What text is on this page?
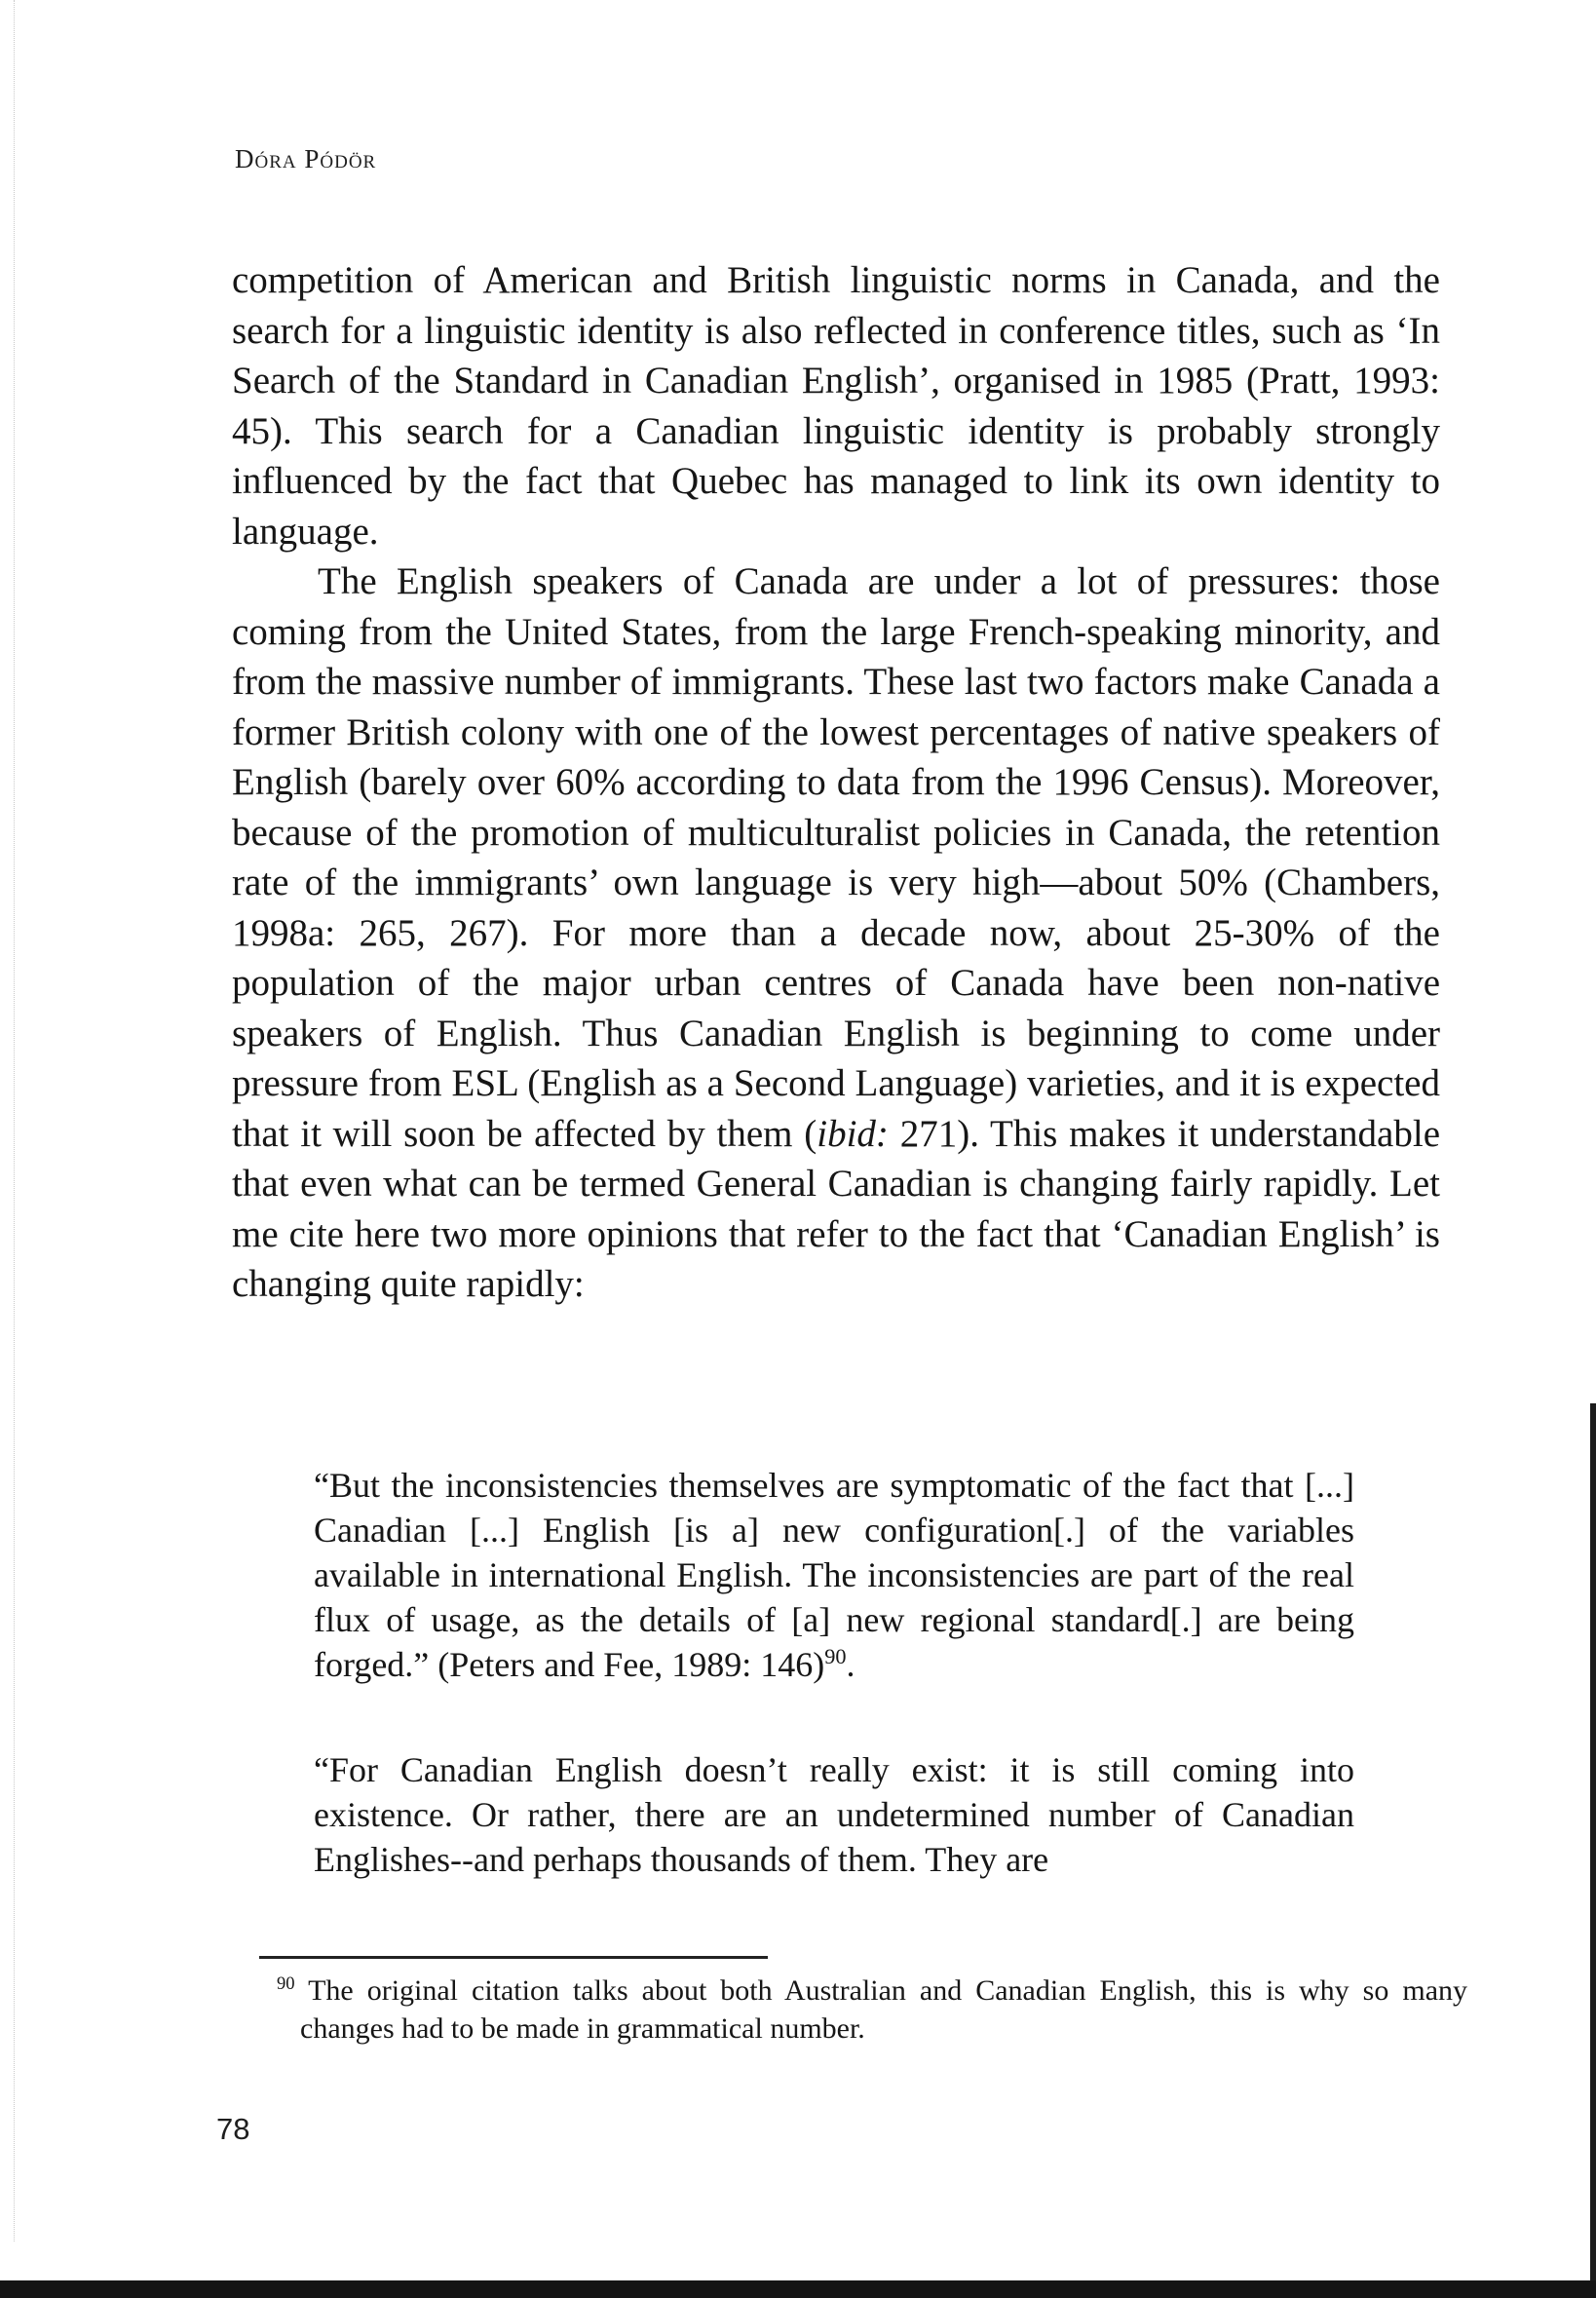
Dóra Pódör

competition of American and British linguistic norms in Canada, and the search for a linguistic identity is also reflected in conference titles, such as ‘In Search of the Standard in Canadian English’, organised in 1985 (Pratt, 1993: 45). This search for a Canadian linguistic identity is probably strongly influenced by the fact that Quebec has managed to link its own identity to language.

The English speakers of Canada are under a lot of pressures: those coming from the United States, from the large French-speaking minority, and from the massive number of immigrants. These last two factors make Canada a former British colony with one of the lowest percentages of native speakers of English (barely over 60% according to data from the 1996 Census). Moreover, because of the promotion of multiculturalist policies in Canada, the retention rate of the immigrants’ own language is very high—about 50% (Chambers, 1998a: 265, 267). For more than a decade now, about 25-30% of the population of the major urban centres of Canada have been non-native speakers of English. Thus Canadian English is beginning to come under pressure from ESL (English as a Second Language) varieties, and it is expected that it will soon be affected by them (ibid: 271). This makes it understandable that even what can be termed General Canadian is changing fairly rapidly. Let me cite here two more opinions that refer to the fact that ‘Canadian English’ is changing quite rapidly:

“But the inconsistencies themselves are symptomatic of the fact that [...] Canadian [...] English [is a] new configuration[.] of the variables available in international English. The inconsistencies are part of the real flux of usage, as the details of [a] new regional standard[.] are being forged.” (Peters and Fee, 1989: 146)$^{90}$.

“For Canadian English doesn’t really exist: it is still coming into existence. Or rather, there are an undetermined number of Canadian Englishes--and perhaps thousands of them. They are

$^{90}$ The original citation talks about both Australian and Canadian English, this is why so many changes had to be made in grammatical number.
78
